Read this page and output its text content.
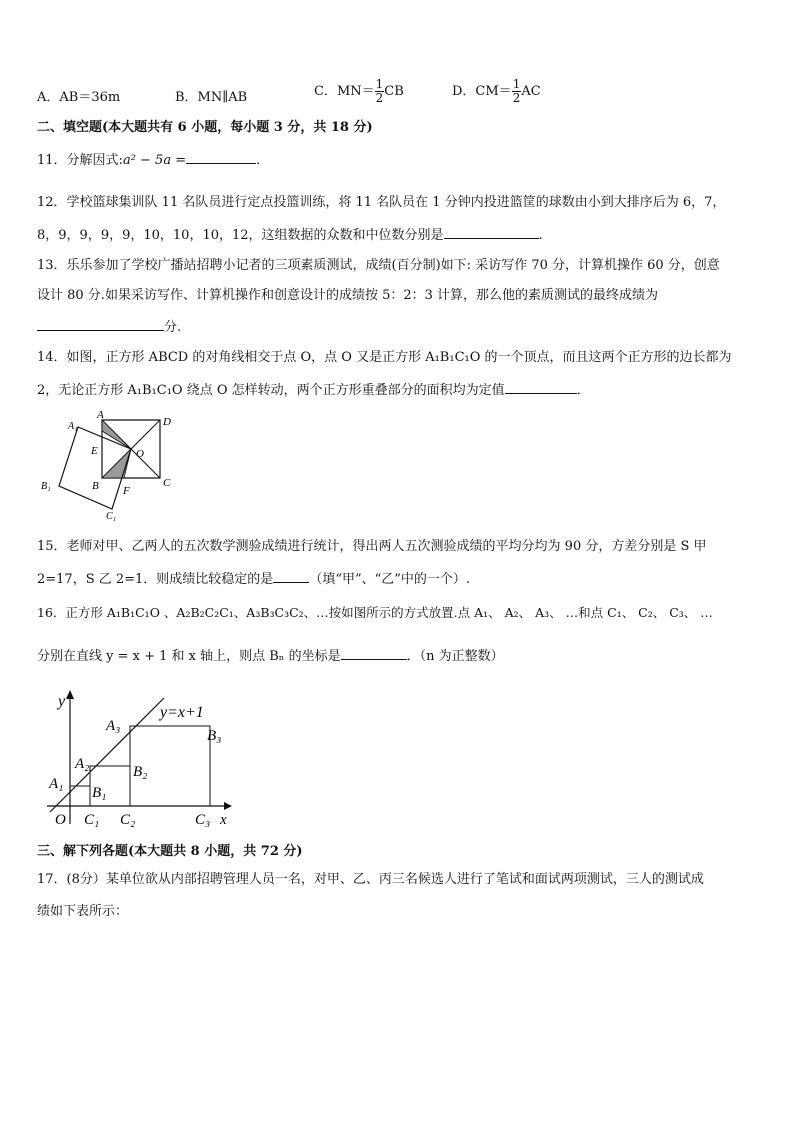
A．AB＝36m	B．MN∥AB	C．$MN= \frac{1}{2}$ CB	D．$CM= \frac{1}{2}$ AC
二、填空题(本大题共有 6 小题，每小题 3 分，共 18 分)
11．分解因式:a² − 5a =	．
12．学校篮球集训队 11 名队员进行定点投篮训练，将 11 名队员在 1 分钟内投进篮筐的球数由小到大排序后为 6，7，
8，9，9，9，9，10，10，10，12，这组数据的众数和中位数分别是	.
13．乐乐参加了学校广播站招聘小记者的三项素质测试，成绩(百分制)如下: 采访写作 70 分，计算机操作 60 分，创意
设计 80 分.如果采访写作、计算机操作和创意设计的成绩按 5：2：3 计算，那么他的素质测试的最终成绩为
分.
14．如图，正方形 ABCD 的对角线相交于点 O，点 O 又是正方形 A₁B₁C₁O 的一个顶点，而且这两个正方形的边长都为
2，无论正方形 A₁B₁C₁O 绕点 O 怎样转动，两个正方形重叠部分的面积均为定值	．
A
D
A₁
E	O
C
B F
B₁
C₁
15．老师对甲、乙两人的五次数学测验成绩进行统计，得出两人五次测验成绩的平均分均为 90 分，方差分别是 S 甲
2=17，S 乙 2=1．则成绩比较稳定的是	（填“甲”、“乙”中的一个）.
16．正方形 A₁B₁C₁O 、A₂B₂C₂C₁、A₃B₃C₃C₂、…按如图所示的方式放置.点 A₁、 A₂、 A₃、 …和点 C₁、 C₂、 C₃、 …
分别在直线 y = x + 1 和 x 轴上，则点 Bₙ 的坐标是	．（n 为正整数）
y
y=x+1
A₃
B₃
A₂	B₂
A₁
B₁
O C₁ C₂	C₃ x
三、解下列各题(本大题共 8 小题，共 72 分)
17．(8分）某单位欲从内部招聘管理人员一名，对甲、乙、丙三名候选人进行了笔试和面试两项测试，三人的测试成
绩如下表所示：
